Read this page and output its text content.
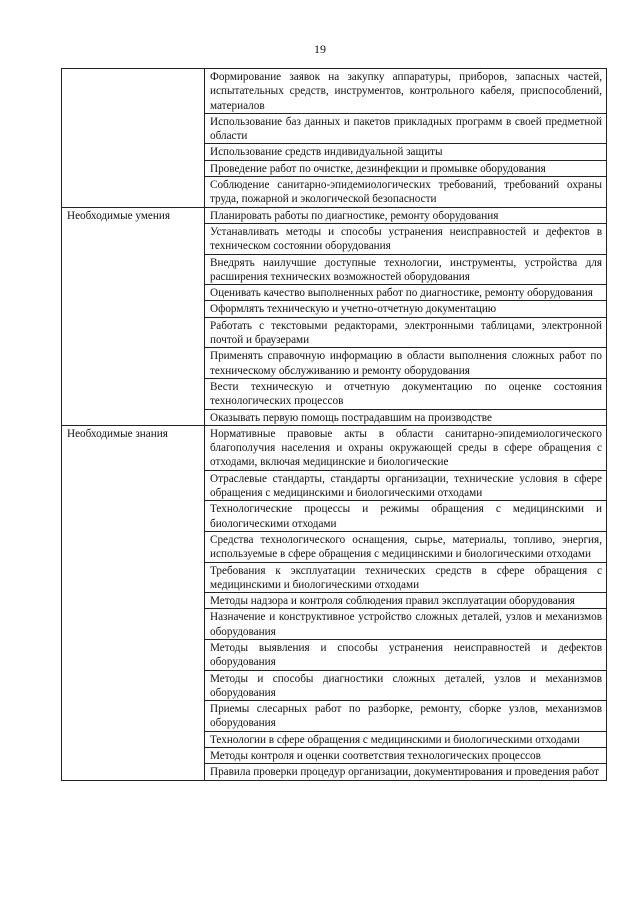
19
	Формирование заявок на закупку аппаратуры, приборов, запасных частей, испытательных средств, инструментов, контрольного кабеля, приспособлений, материалов
	Использование баз данных и пакетов прикладных программ в своей предметной области
	Использование средств индивидуальной защиты
	Проведение работ по очистке, дезинфекции и промывке оборудования
	Соблюдение санитарно-эпидемиологических требований, требований охраны труда, пожарной и экологической безопасности
Необходимые умения	Планировать работы по диагностике, ремонту оборудования
	Устанавливать методы и способы устранения неисправностей и дефектов в техническом состоянии оборудования
	Внедрять наилучшие доступные технологии, инструменты, устройства для расширения технических возможностей оборудования
	Оценивать качество выполненных работ по диагностике, ремонту оборудования
	Оформлять техническую и учетно-отчетную документацию
	Работать с текстовыми редакторами, электронными таблицами, электронной почтой и браузерами
	Применять справочную информацию в области выполнения сложных работ по техническому обслуживанию и ремонту оборудования
	Вести техническую и отчетную документацию по оценке состояния технологических процессов
	Оказывать первую помощь пострадавшим на производстве
Необходимые знания	Нормативные правовые акты в области санитарно-эпидемиологического благополучия населения и охраны окружающей среды в сфере обращения с отходами, включая медицинские и биологические
	Отраслевые стандарты, стандарты организации, технические условия в сфере обращения с медицинскими и биологическими отходами
	Технологические процессы и режимы обращения с медицинскими и биологическими отходами
	Средства технологического оснащения, сырье, материалы, топливо, энергия, используемые в сфере обращения с медицинскими и биологическими отходами
	Требования к эксплуатации технических средств в сфере обращения с медицинскими и биологическими отходами
	Методы надзора и контроля соблюдения правил эксплуатации оборудования
	Назначение и конструктивное устройство сложных деталей, узлов и механизмов оборудования
	Методы выявления и способы устранения неисправностей и дефектов оборудования
	Методы и способы диагностики сложных деталей, узлов и механизмов оборудования
	Приемы слесарных работ по разборке, ремонту, сборке узлов, механизмов оборудования
	Технологии в сфере обращения с медицинскими и биологическими отходами
	Методы контроля и оценки соответствия технологических процессов
	Правила проверки процедур организации, документирования и проведения работ
